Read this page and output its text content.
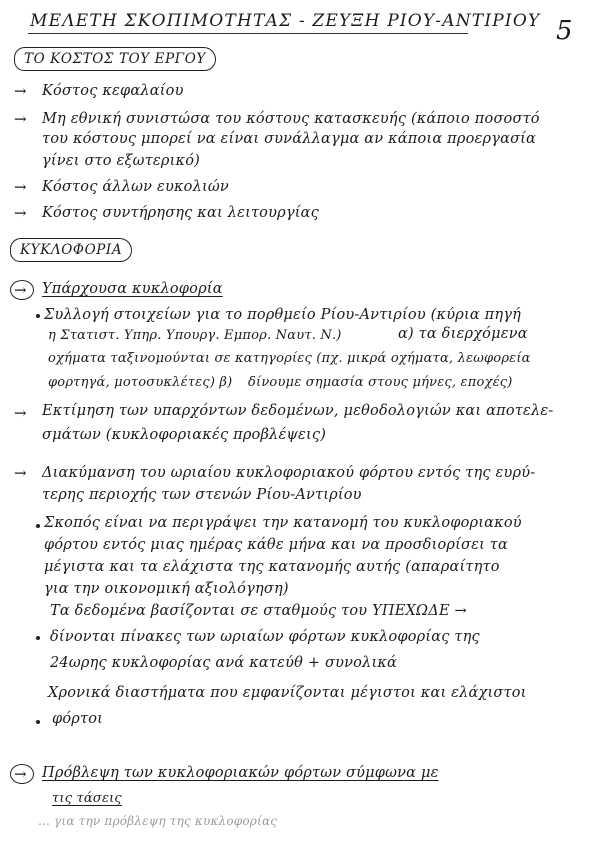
ΜΕΛΕΤΗ ΣΚΟΠΙΜΟΤΗΤΑΣ - ΖΕΥΞΗ ΡΙΟΥ-ΑΝΤΙΡΙΟΥ 5

ΤΟ ΚΟΣΤΟΣ ΤΟΥ ΕΡΓΟΥ

→ Κόστος κεφαλαίου

→ Μη εθνική συνιστώσα του κόστους κατασκευής (κάποιο ποσοστό

του κόστους μπορεί να είναι συνάλλαγμα αν κάποια προεργασία

γίνει στο εξωτερικό)

→ Κόστος άλλων ευκολιών

→ Κόστος συντήρησης και λειτουργίας

ΚΥΚΛΟΦΟΡΙΑ

→ Υπάρχουσα κυκλοφορία

Συλλογή στοιχείων για το πορθμείο Ρίου-Αντιρίου (κύρια πηγή

η Στατιστ. Υπηρ. Υπουργ. Εμπορ. Ναυτ. Ν.)	α) τα διερχόμενα

οχήματα ταξινομούνται σε κατηγορίες (πχ. μικρά οχήματα, λεωφορεία

φορτηγά, μοτοσυκλέτες) β) δίνουμε σημασία στους μήνες, εποχές)

→ Εκτίμηση των υπαρχόντων δεδομένων, μεθοδολογιών και αποτελε-

σμάτων (κυκλοφοριακές προβλέψεις)

→ Διακύμανση του ωριαίου κυκλοφοριακού φόρτου εντός της ευρύ-

τερης περιοχής των στενών Ρίου-Αντιρίου

Σκοπός είναι να περιγράψει την κατανομή του κυκλοφοριακού

φόρτου εντός μιας ημέρας κάθε μήνα και να προσδιορίσει τα

μέγιστα και τα ελάχιστα της κατανομής αυτής (απαραίτητο

για την οικονομική αξιολόγηση)

Τα δεδομένα βασίζονται σε σταθμούς του ΥΠΕΧΩΔΕ →

δίνονται πίνακες των ωριαίων φόρτων κυκλοφορίας της

24ωρης κυκλοφορίας ανά κατεύθ + συνολικά

Χρονικά διαστήματα που εμφανίζονται μέγιστοι και ελάχιστοι

φόρτοι

→ Πρόβλεψη των κυκλοφοριακών φόρτων σύμφωνα με

τις τάσεις

... για την πρόβλεψη της κυκλοφορίας
